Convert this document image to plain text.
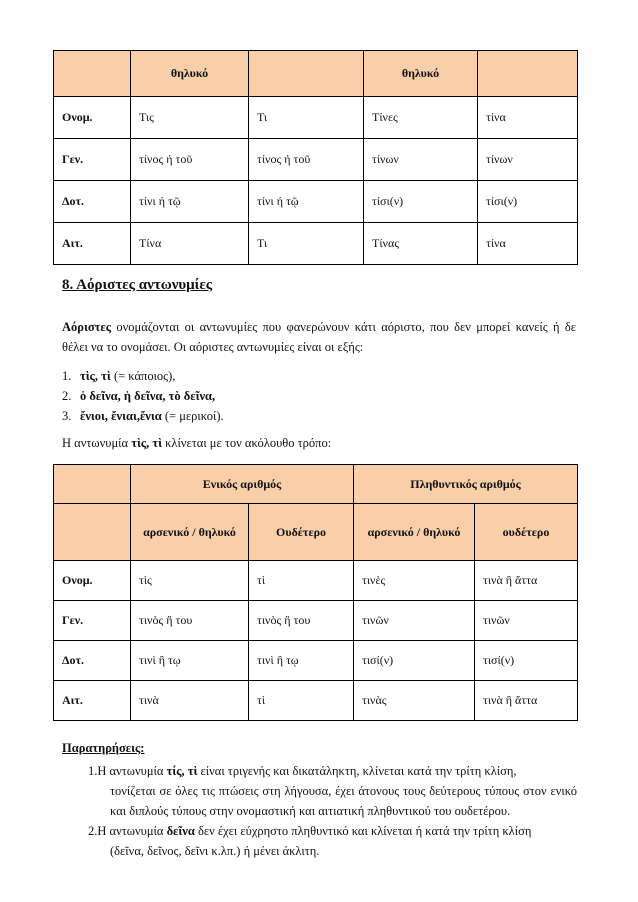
	θηλυκό		θηλυκό	
Ονομ.	Τις	Τι	Τίνες	τίνα
Γεν.	τίνος ή τοῦ	τίνος ή τοῦ	τίνων	τίνων
Δοτ.	τίνι ή τῷ	τίνι ή τῷ	τίσι(ν)	τίσι(ν)
Αιτ.	Τίνα	Τι	Τίνας	τίνα
8. Αόριστες αντωνυμίες

Αόριστες ονομάζονται οι αντωνυμίες που φανερώνουν κάτι αόριστο, που δεν μπορεί κανείς ή δε θέλει να το ονομάσει. Οι αόριστες αντωνυμίες είναι οι εξής:

1. τὶς, τὶ (= κάποιος),
2. ὁ δεῖνα, ἡ δεῖνα, τὸ δεῖνα,
3. ἔνιοι, ἔνιαι,ἔνια (= μερικοί).

Η αντωνυμία τὶς, τὶ κλίνεται με τον ακόλουθο τρόπο:

	Ενικός αριθμός		Πληθυντικός αριθμός	
	αρσενικό / θηλυκό	Ουδέτερο	αρσενικό / θηλυκό	ουδέτερο
Ονομ.	τὶς	τὶ	τινὲς	τινὰ ἢ ἄττα
Γεν.	τινὸς ἢ του	τινὸς ἢ του	τινῶν	τινῶν
Δοτ.	τινὶ ἢ τῳ	τινὶ ἢ τῳ	τισί(ν)	τισί(ν)
Αιτ.	τινὰ	τὶ	τινὰς	τινὰ ἢ ἄττα

Παρατηρήσεις:

1.Η αντωνυμία τίς, τὶ είναι τριγενής και δικατάληκτη, κλίνεται κατά την τρίτη κλίση,
τονίζεται σε όλες τις πτώσεις στη λήγουσα, έχει άτονους τους δεύτερους τύπους στον ενικό και διπλούς τύπους στην ονομαστική και αιτιατική πληθυντικού του ουδετέρου.

2.Η αντωνυμία δεῖνα δεν έχει εύχρηστο πληθυντικό και κλίνεται ή κατά την τρίτη κλίση
(δεῖνα, δεῖνος, δεῖνι κ.λπ.) ή μένει άκλιτη.
